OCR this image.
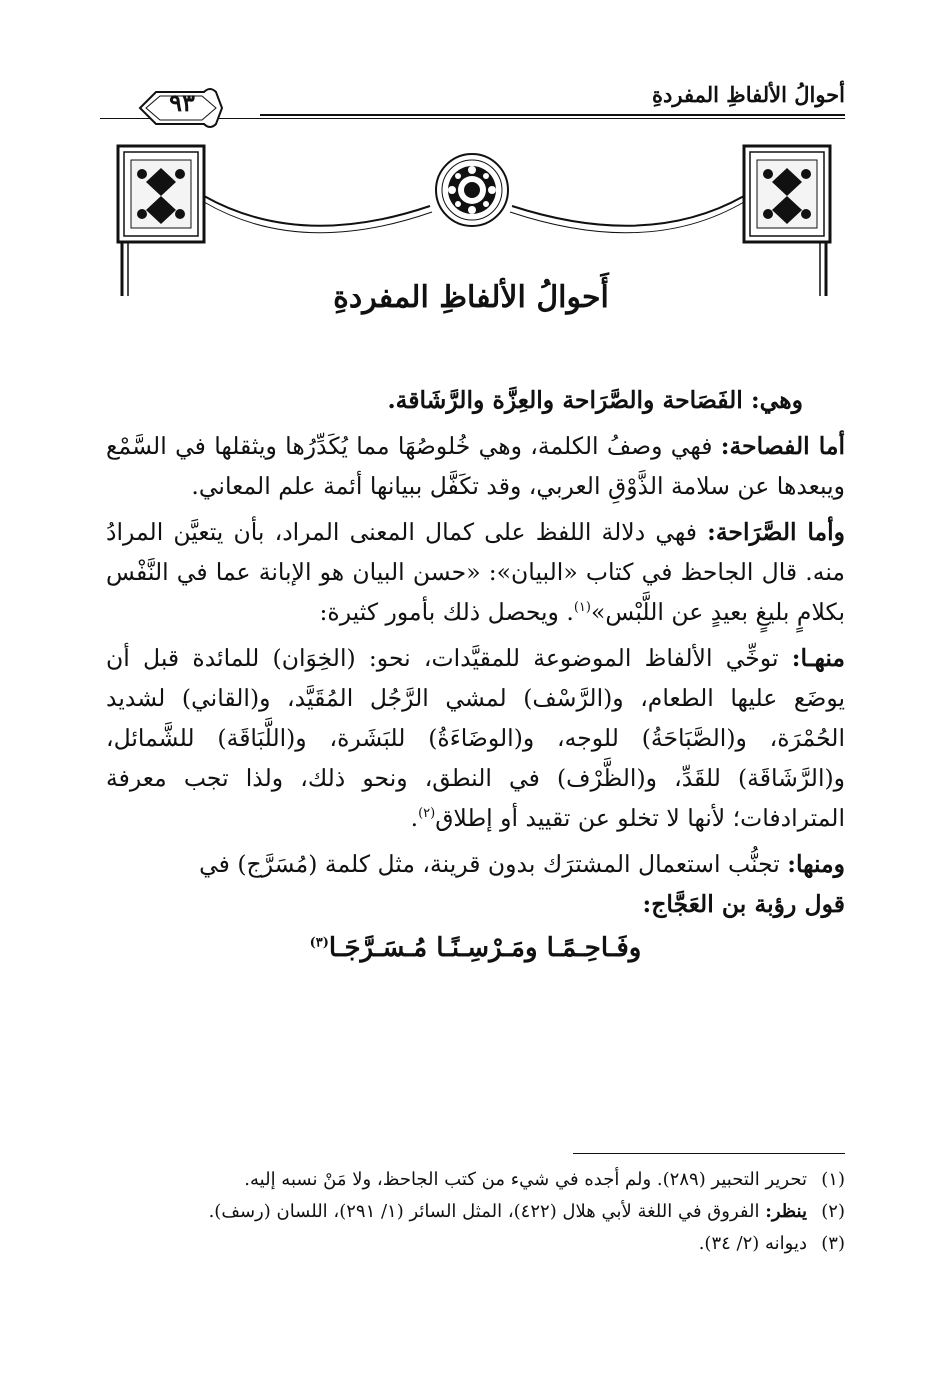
أحوالُ الألفاظِ المفردةِ
٩٣
أَحوالُ الألفاظِ المفردةِ

وهي: الفَصَاحة والصَّرَاحة والعِزَّة والرَّشَاقة.

أما الفصاحة: فهي وصفُ الكلمة، وهي خُلوصُهَا مما يُكَدِّرُها ويثقلها في السَّمْع ويبعدها عن سلامة الذَّوْقِ العربي، وقد تكَفَّل ببيانها أئمة علم المعاني.

وأما الصَّرَاحة: فهي دلالة اللفظ على كمال المعنى المراد، بأن يتعيَّن المرادُ منه. قال الجاحظ في كتاب «البيان»: «حسن البيان هو الإبانة عما في النَّفْس بكلامٍ بليغٍ بعيدٍ عن اللَّبْس»$^{(١)}$. ويحصل ذلك بأمور كثيرة:

منهـا: توخِّي الألفاظ الموضوعة للمقيَّدات، نحو: (الخِوَان) للمائدة قبل أن يوضَع عليها الطعام، و(الرَّسْف) لمشي الرَّجُل المُقَيَّد، و(القاني) لشديد الحُمْرَة، و(الصَّبَاحَةُ) للوجه، و(الوضَاءَةُ) للبَشَرة، و(اللَّبَاقَة) للشَّمائل، و(الرَّشَاقَة) للقَدِّ، و(الظَّرْف) في النطق، ونحو ذلك، ولذا تجب معرفة المترادفات؛ لأنها لا تخلو عن تقييد أو إطلاق$^{(٢)}$.

ومنها: تجنُّب استعمال المشترَك بدون قرينة، مثل كلمة (مُسَرَّج) في
قول رؤبة بن العَجَّاج:

وفَـاحِـمًـا ومَـرْسِـنًـا مُـسَـرَّجَـا$^{(٣)}$
(١)
تحرير التحبير (٢٨٩). ولم أجده في شيء من كتب الجاحظ، ولا مَنْ نسبه إليه.
(٢)
ينظر: الفروق في اللغة لأبي هلال (٤٢٢)، المثل السائر (١/ ٢٩١)، اللسان (رسف).
(٣)
ديوانه (٢/ ٣٤).
